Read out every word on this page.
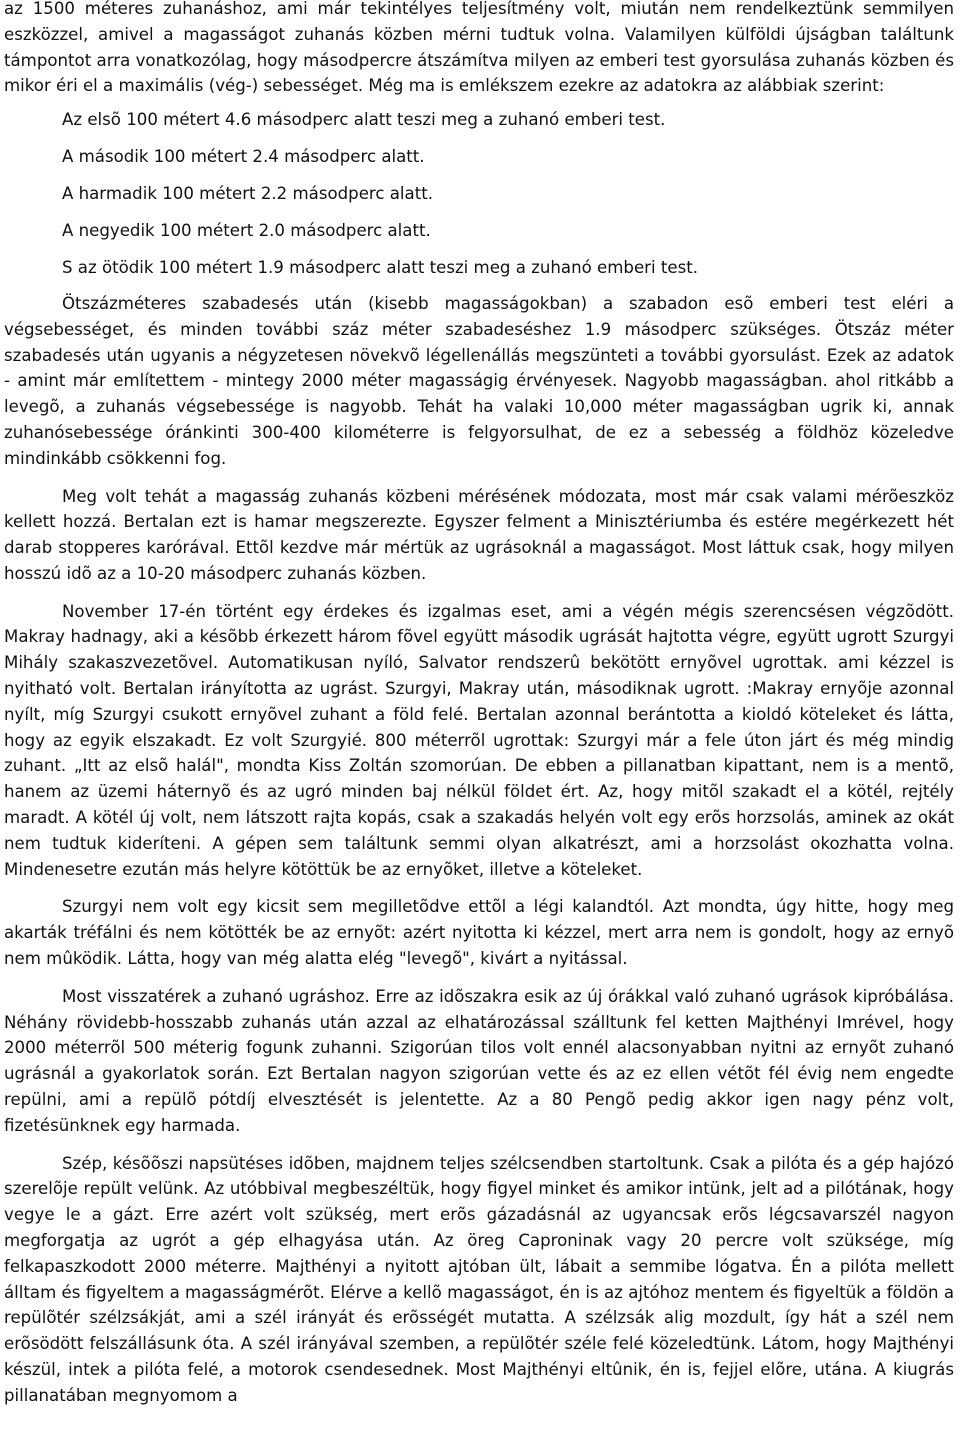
az 1500 méteres zuhanáshoz, ami már tekintélyes teljesítmény volt, miután nem rendelkeztünk semmilyen eszközzel, amivel a magasságot zuhanás közben mérni tudtuk volna. Valamilyen külföldi újságban találtunk támpontot arra vonatkozólag, hogy másodpercre átszámítva milyen az emberi test gyorsulása zuhanás közben és mikor éri el a maximális (vég-) sebességet. Még ma is emlékszem ezekre az adatokra az alábbiak szerint:

Az elsõ 100 métert 4.6 másodperc alatt teszi meg a zuhanó emberi test.
A második 100 métert 2.4 másodperc alatt.
A harmadik 100 métert 2.2 másodperc alatt.
A negyedik 100 métert 2.0 másodperc alatt.
S az ötödik 100 métert 1.9 másodperc alatt teszi meg a zuhanó emberi test.

Ötszázméteres szabadesés után (kisebb magasságokban) a szabadon esõ emberi test eléri a végsebességet, és minden további száz méter szabadeséshez 1.9 másodperc szükséges. Ötszáz méter szabadesés után ugyanis a négyzetesen növekvõ légellenállás megszünteti a további gyorsulást. Ezek az adatok - amint már említettem - mintegy 2000 méter magasságig érvényesek. Nagyobb magasságban. ahol ritkább a levegõ, a zuhanás végsebessége is nagyobb. Tehát ha valaki 10,000 méter magasságban ugrik ki, annak zuhanósebessége óránkinti 300-400 kilométerre is felgyorsulhat, de ez a sebesség a földhöz közeledve mindinkább csökkenni fog.

Meg volt tehát a magasság zuhanás közbeni mérésének módozata, most már csak valami mérõeszköz kellett hozzá. Bertalan ezt is hamar megszerezte. Egyszer felment a Minisztériumba és estére megérkezett hét darab stopperes karórával. Ettõl kezdve már mértük az ugrásoknál a magasságot. Most láttuk csak, hogy milyen hosszú idõ az a 10-20 másodperc zuhanás közben.

November 17-én történt egy érdekes és izgalmas eset, ami a végén mégis szerencsésen végzõdött. Makray hadnagy, aki a késõbb érkezett három fõvel együtt második ugrását hajtotta végre, együtt ugrott Szurgyi Mihály szakaszvezetõvel. Automatikusan nyíló, Salvator rendszerû bekötött ernyõvel ugrottak. ami kézzel is nyitható volt. Bertalan irányította az ugrást. Szurgyi, Makray után, másodiknak ugrott. :Makray ernyõje azonnal nyílt, míg Szurgyi csukott ernyõvel zuhant a föld felé. Bertalan azonnal berántotta a kioldó köteleket és látta, hogy az egyik elszakadt. Ez volt Szurgyié. 800 méterrõl ugrottak: Szurgyi már a fele úton járt és még mindig zuhant. „Itt az elsõ halál", mondta Kiss Zoltán szomorúan. De ebben a pillanatban kipattant, nem is a mentõ, hanem az üzemi háternyõ és az ugró minden baj nélkül földet ért. Az, hogy mitõl szakadt el a kötél, rejtély maradt. A kötél új volt, nem látszott rajta kopás, csak a szakadás helyén volt egy erõs horzsolás, aminek az okát nem tudtuk kideríteni. A gépen sem találtunk semmi olyan alkatrészt, ami a horzsolást okozhatta volna. Mindenesetre ezután más helyre kötöttük be az ernyõket, illetve a köteleket.

Szurgyi nem volt egy kicsit sem megilletõdve ettõl a légi kalandtól. Azt mondta, úgy hitte, hogy meg akarták tréfálni és nem kötötték be az ernyõt: azért nyitotta ki kézzel, mert arra nem is gondolt, hogy az ernyõ nem mûködik. Látta, hogy van még alatta elég "levegõ", kivárt a nyitással.

Most visszatérek a zuhanó ugráshoz. Erre az idõszakra esik az új órákkal való zuhanó ugrások kipróbálása. Néhány rövidebb-hosszabb zuhanás után azzal az elhatározással szálltunk fel ketten Majthényi Imrével, hogy 2000 méterrõl 500 méterig fogunk zuhanni. Szigorúan tilos volt ennél alacsonyabban nyitni az ernyõt zuhanó ugrásnál a gyakorlatok során. Ezt Bertalan nagyon szigorúan vette és az ez ellen vétõt fél évig nem engedte repülni, ami a repülõ pótdíj elvesztését is jelentette. Az a 80 Pengõ pedig akkor igen nagy pénz volt, fizetésünknek egy harmada.

Szép, késõõszi napsütéses idõben, majdnem teljes szélcsendben startoltunk. Csak a pilóta és a gép hajózó szerelõje repült velünk. Az utóbbival megbeszéltük, hogy figyel minket és amikor intünk, jelt ad a pilótának, hogy vegye le a gázt. Erre azért volt szükség, mert erõs gázadásnál az ugyancsak erõs légcsavarszél nagyon megforgatja az ugrót a gép elhagyása után. Az öreg Caproninak vagy 20 percre volt szüksége, míg felkapaszkodott 2000 méterre. Majthényi a nyitott ajtóban ült, lábait a semmibe lógatva. Én a pilóta mellett álltam és figyeltem a magasságmérõt. Elérve a kellõ magasságot, én is az ajtóhoz mentem és figyeltük a földön a repülõtér szélzsákját, ami a szél irányát és erõsségét mutatta. A szélzsák alig mozdult, így hát a szél nem erõsödött felszállásunk óta. A szél irányával szemben, a repülõtér széle felé közeledtünk. Látom, hogy Majthényi készül, intek a pilóta felé, a motorok csendesednek. Most Majthényi eltûnik, én is, fejjel elõre, utána. A kiugrás pillanatában megnyomom a
